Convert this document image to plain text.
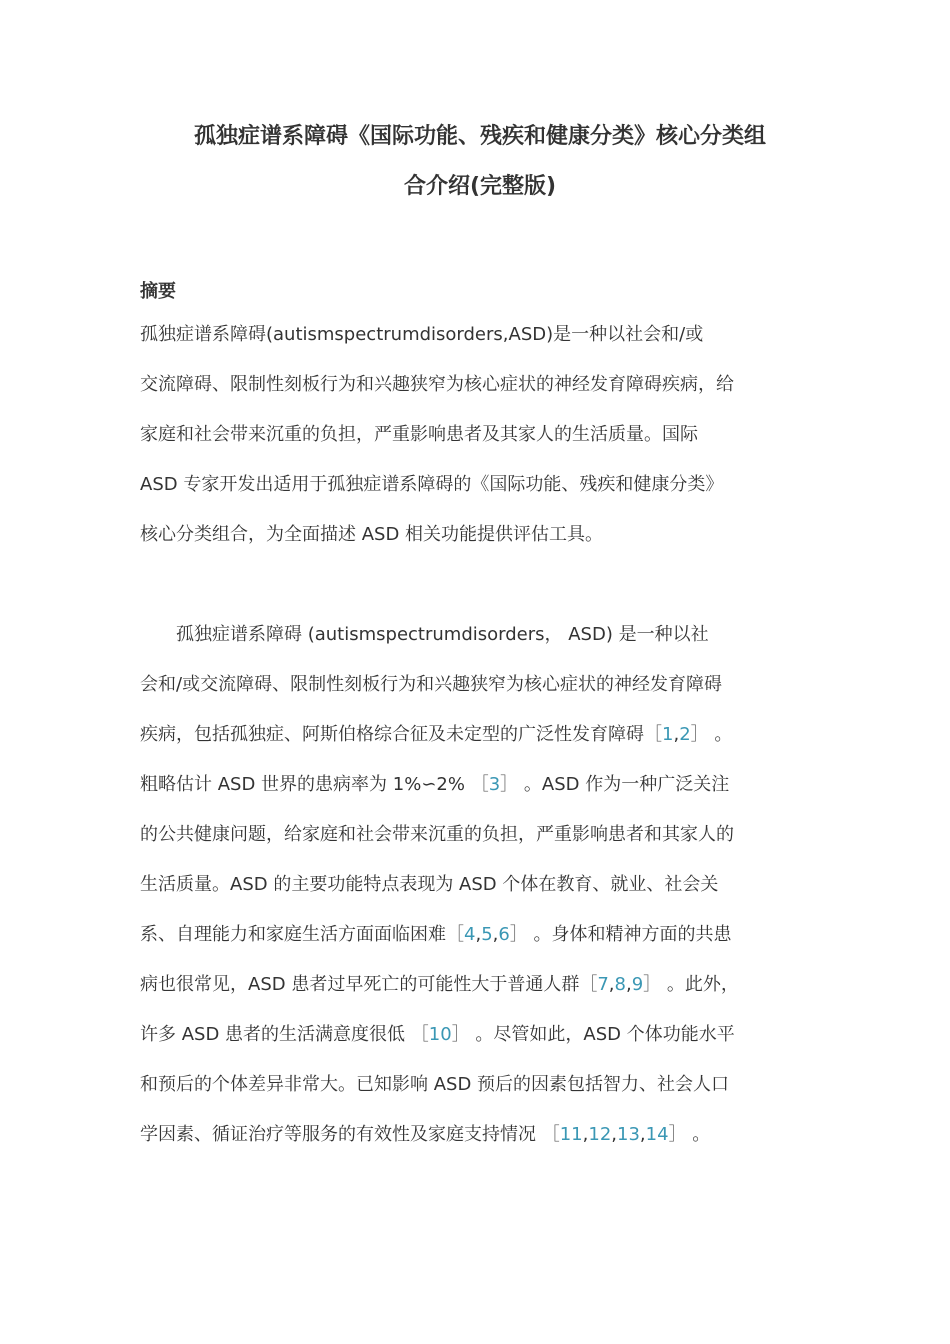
孤独症谱系障碍《国际功能、残疾和健康分类》核心分类组
合介绍(完整版)
摘要
孤独症谱系障碍(autismspectrumdisorders,ASD)是一种以社会和/或
交流障碍、限制性刻板行为和兴趣狭窄为核心症状的神经发育障碍疾病，给
家庭和社会带来沉重的负担，严重影响患者及其家人的生活质量。国际
ASD 专家开发出适用于孤独症谱系障碍的《国际功能、残疾和健康分类》
核心分类组合，为全面描述 ASD 相关功能提供评估工具。
孤独症谱系障碍 (autismspectrumdisorders， ASD) 是一种以社
会和/或交流障碍、限制性刻板行为和兴趣狭窄为核心症状的神经发育障碍
疾病，包括孤独症、阿斯伯格综合征及未定型的广泛性发育障碍［1,2］ 。
粗略估计 ASD 世界的患病率为 1%∽2% ［3］ 。ASD 作为一种广泛关注
的公共健康问题，给家庭和社会带来沉重的负担，严重影响患者和其家人的
生活质量。ASD 的主要功能特点表现为 ASD 个体在教育、就业、社会关
系、自理能力和家庭生活方面面临困难［4,5,6］ 。身体和精神方面的共患
病也很常见，ASD 患者过早死亡的可能性大于普通人群［7,8,9］ 。此外，
许多 ASD 患者的生活满意度很低 ［10］ 。尽管如此，ASD 个体功能水平
和预后的个体差异非常大。已知影响 ASD 预后的因素包括智力、社会人口
学因素、循证治疗等服务的有效性及家庭支持情况 ［11,12,13,14］ 。
